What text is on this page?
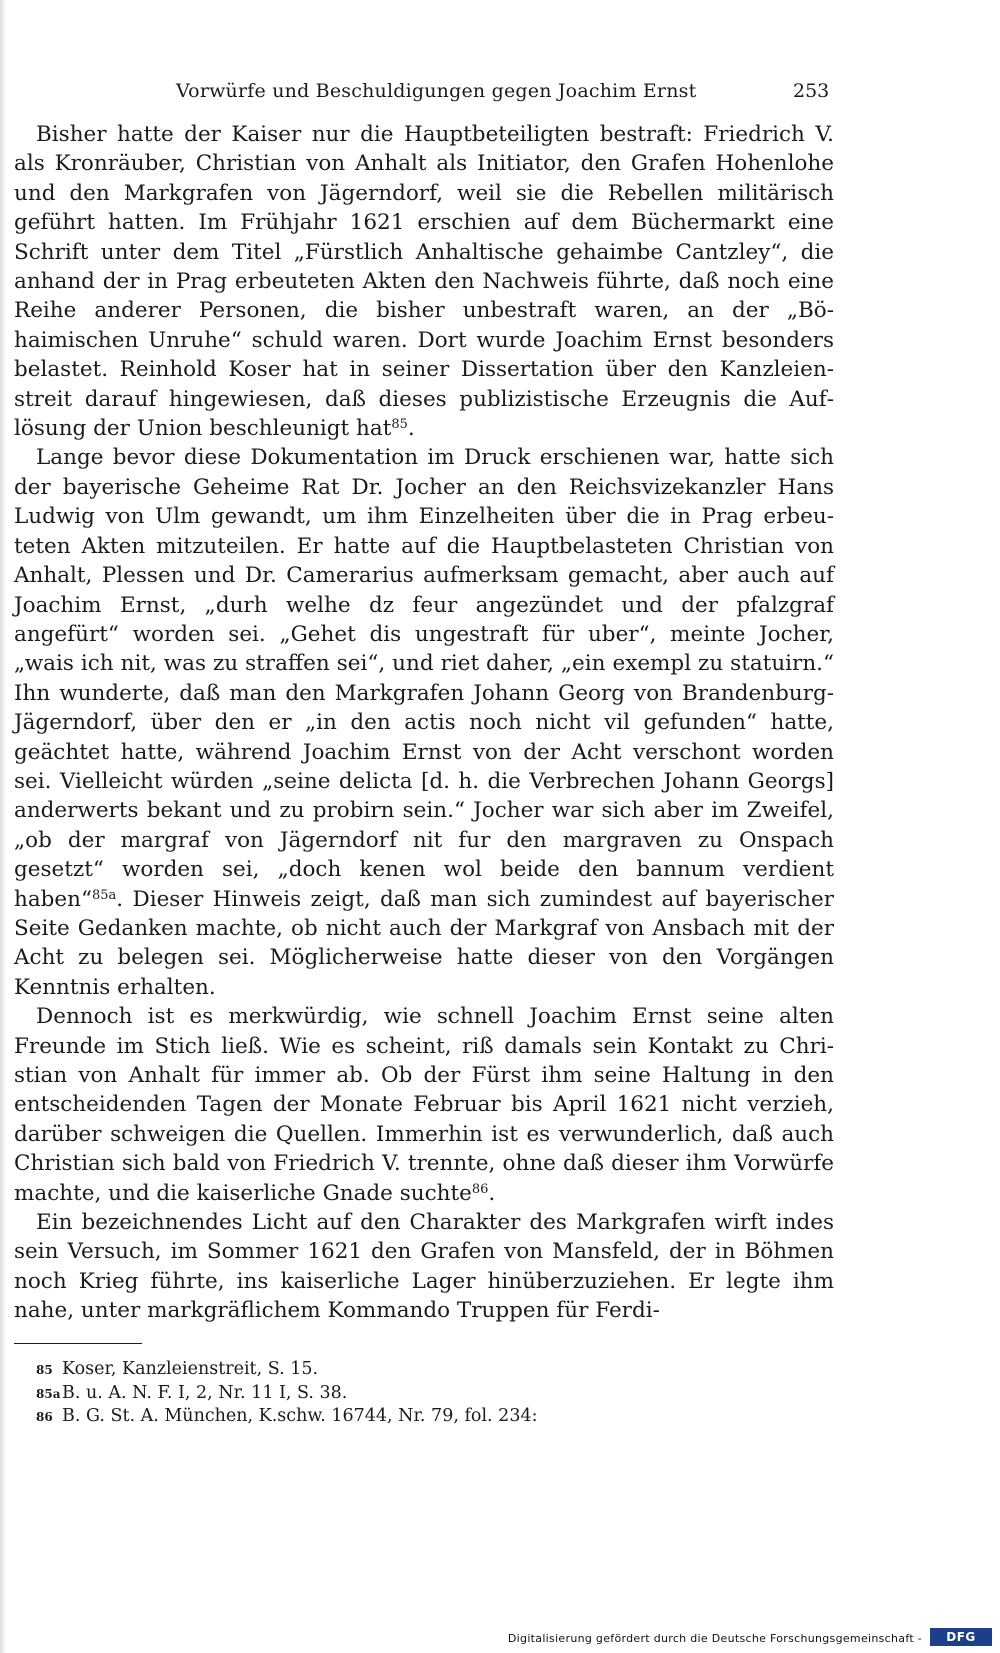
Vorwürfe und Beschuldigungen gegen Joachim Ernst	253

Bisher hatte der Kaiser nur die Hauptbeteiligten bestraft: Friedrich V. als Kronräuber, Christian von Anhalt als Initiator, den Grafen Hohenlohe und den Markgrafen von Jägerndorf, weil sie die Rebellen militärisch geführt hatten. Im Frühjahr 1621 erschien auf dem Büchermarkt eine Schrift unter dem Titel „Fürstlich Anhaltische gehaimbe Cantzley“, die anhand der in Prag erbeuteten Akten den Nachweis führte, daß noch eine Reihe anderer Personen, die bisher unbestraft waren, an der „Böhaimischen Unruhe“ schuld waren. Dort wurde Joachim Ernst besonders belastet. Reinhold Koser hat in seiner Dissertation über den Kanzleienstreit darauf hingewiesen, daß dieses publizistische Erzeugnis die Auflösung der Union beschleunigt hat$^{85}$.

Lange bevor diese Dokumentation im Druck erschienen war, hatte sich der bayerische Geheime Rat Dr. Jocher an den Reichsvizekanzler Hans Ludwig von Ulm gewandt, um ihm Einzelheiten über die in Prag erbeuteten Akten mitzuteilen. Er hatte auf die Hauptbelasteten Christian von Anhalt, Plessen und Dr. Camerarius aufmerksam gemacht, aber auch auf Joachim Ernst, „durh welhe dz feur angezündet und der pfalzgraf angefürt“ worden sei. „Gehet dis ungestraft für uber“, meinte Jocher, „wais ich nit, was zu straffen sei“, und riet daher, „ein exempl zu statuirn.“ Ihn wunderte, daß man den Markgrafen Johann Georg von Brandenburg-Jägerndorf, über den er „in den actis noch nicht vil gefunden“ hatte, geächtet hatte, während Joachim Ernst von der Acht verschont worden sei. Vielleicht würden „seine delicta [d. h. die Verbrechen Johann Georgs] anderwerts bekant und zu probirn sein.“ Jocher war sich aber im Zweifel, „ob der margraf von Jägerndorf nit fur den margraven zu Onspach gesetzt“ worden sei, „doch kenen wol beide den bannum verdient haben“$^{85a}$. Dieser Hinweis zeigt, daß man sich zumindest auf bayerischer Seite Gedanken machte, ob nicht auch der Markgraf von Ansbach mit der Acht zu belegen sei. Möglicherweise hatte dieser von den Vorgängen Kenntnis erhalten.

Dennoch ist es merkwürdig, wie schnell Joachim Ernst seine alten Freunde im Stich ließ. Wie es scheint, riß damals sein Kontakt zu Christian von Anhalt für immer ab. Ob der Fürst ihm seine Haltung in den entscheidenden Tagen der Monate Februar bis April 1621 nicht verzieh, darüber schweigen die Quellen. Immerhin ist es verwunderlich, daß auch Christian sich bald von Friedrich V. trennte, ohne daß dieser ihm Vorwürfe machte, und die kaiserliche Gnade suchte$^{86}$.

Ein bezeichnendes Licht auf den Charakter des Markgrafen wirft indes sein Versuch, im Sommer 1621 den Grafen von Mansfeld, der in Böhmen noch Krieg führte, ins kaiserliche Lager hinüberzuziehen. Er legte ihm nahe, unter markgräflichem Kommando Truppen für Ferdi-

85 Koser, Kanzleienstreit, S. 15.
85a B. u. A. N. F. I, 2, Nr. 11 I, S. 38.
86 B. G. St. A. München, K.schw. 16744, Nr. 79, fol. 234:
Digitalisierung gefördert durch die Deutsche Forschungsgemeinschaft -	DFG
